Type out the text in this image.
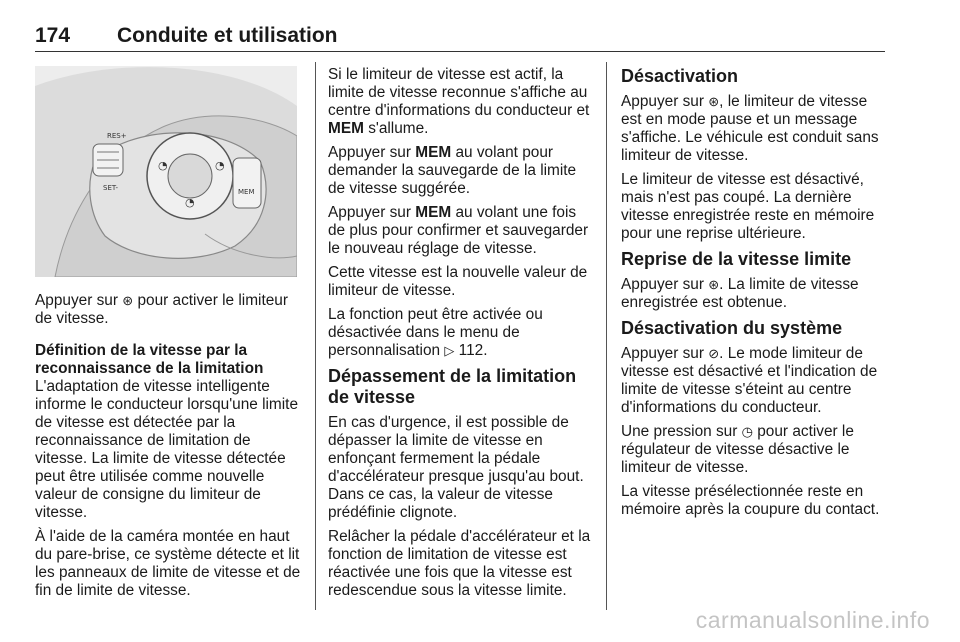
174 Conduite et utilisation
◔	◔
◔
RES+
SET-	MEM

Appuyer sur ⊛ pour activer le limiteur de vitesse.

Définition de la vitesse par la reconnaissance de la limitation

L'adaptation de vitesse intelligente informe le conducteur lorsqu'une limite de vitesse est détectée par la reconnaissance de limitation de vitesse. La limite de vitesse détectée peut être utilisée comme nouvelle valeur de consigne du limiteur de vitesse.

À l'aide de la caméra montée en haut du pare-brise, ce système détecte et lit les panneaux de limite de vitesse et de fin de limite de vitesse.

Si le limiteur de vitesse est actif, la limite de vitesse reconnue s'affiche au centre d'informations du conducteur et MEM s'allume.

Appuyer sur MEM au volant pour demander la sauvegarde de la limite de vitesse suggérée.

Appuyer sur MEM au volant une fois de plus pour confirmer et sauvegarder le nouveau réglage de vitesse.

Cette vitesse est la nouvelle valeur de limiteur de vitesse.

La fonction peut être activée ou désactivée dans le menu de personnalisation ▷ 112.

Dépassement de la limitation de vitesse

En cas d'urgence, il est possible de dépasser la limite de vitesse en enfonçant fermement la pédale d'accélérateur presque jusqu'au bout. Dans ce cas, la valeur de vitesse prédéfinie clignote.

Relâcher la pédale d'accélérateur et la fonction de limitation de vitesse est réactivée une fois que la vitesse est redescendue sous la vitesse limite.

Désactivation

Appuyer sur ⊛, le limiteur de vitesse est en mode pause et un message s'affiche. Le véhicule est conduit sans limiteur de vitesse.

Le limiteur de vitesse est désactivé, mais n'est pas coupé. La dernière vitesse enregistrée reste en mémoire pour une reprise ultérieure.

Reprise de la vitesse limite

Appuyer sur ⊛. La limite de vitesse enregistrée est obtenue.

Désactivation du système

Appuyer sur ⊘. Le mode limiteur de vitesse est désactivé et l'indication de limite de vitesse s'éteint au centre d'informations du conducteur.

Une pression sur ◷ pour activer le régulateur de vitesse désactive le limiteur de vitesse.

La vitesse présélectionnée reste en mémoire après la coupure du contact.

carmanualsonline.info
